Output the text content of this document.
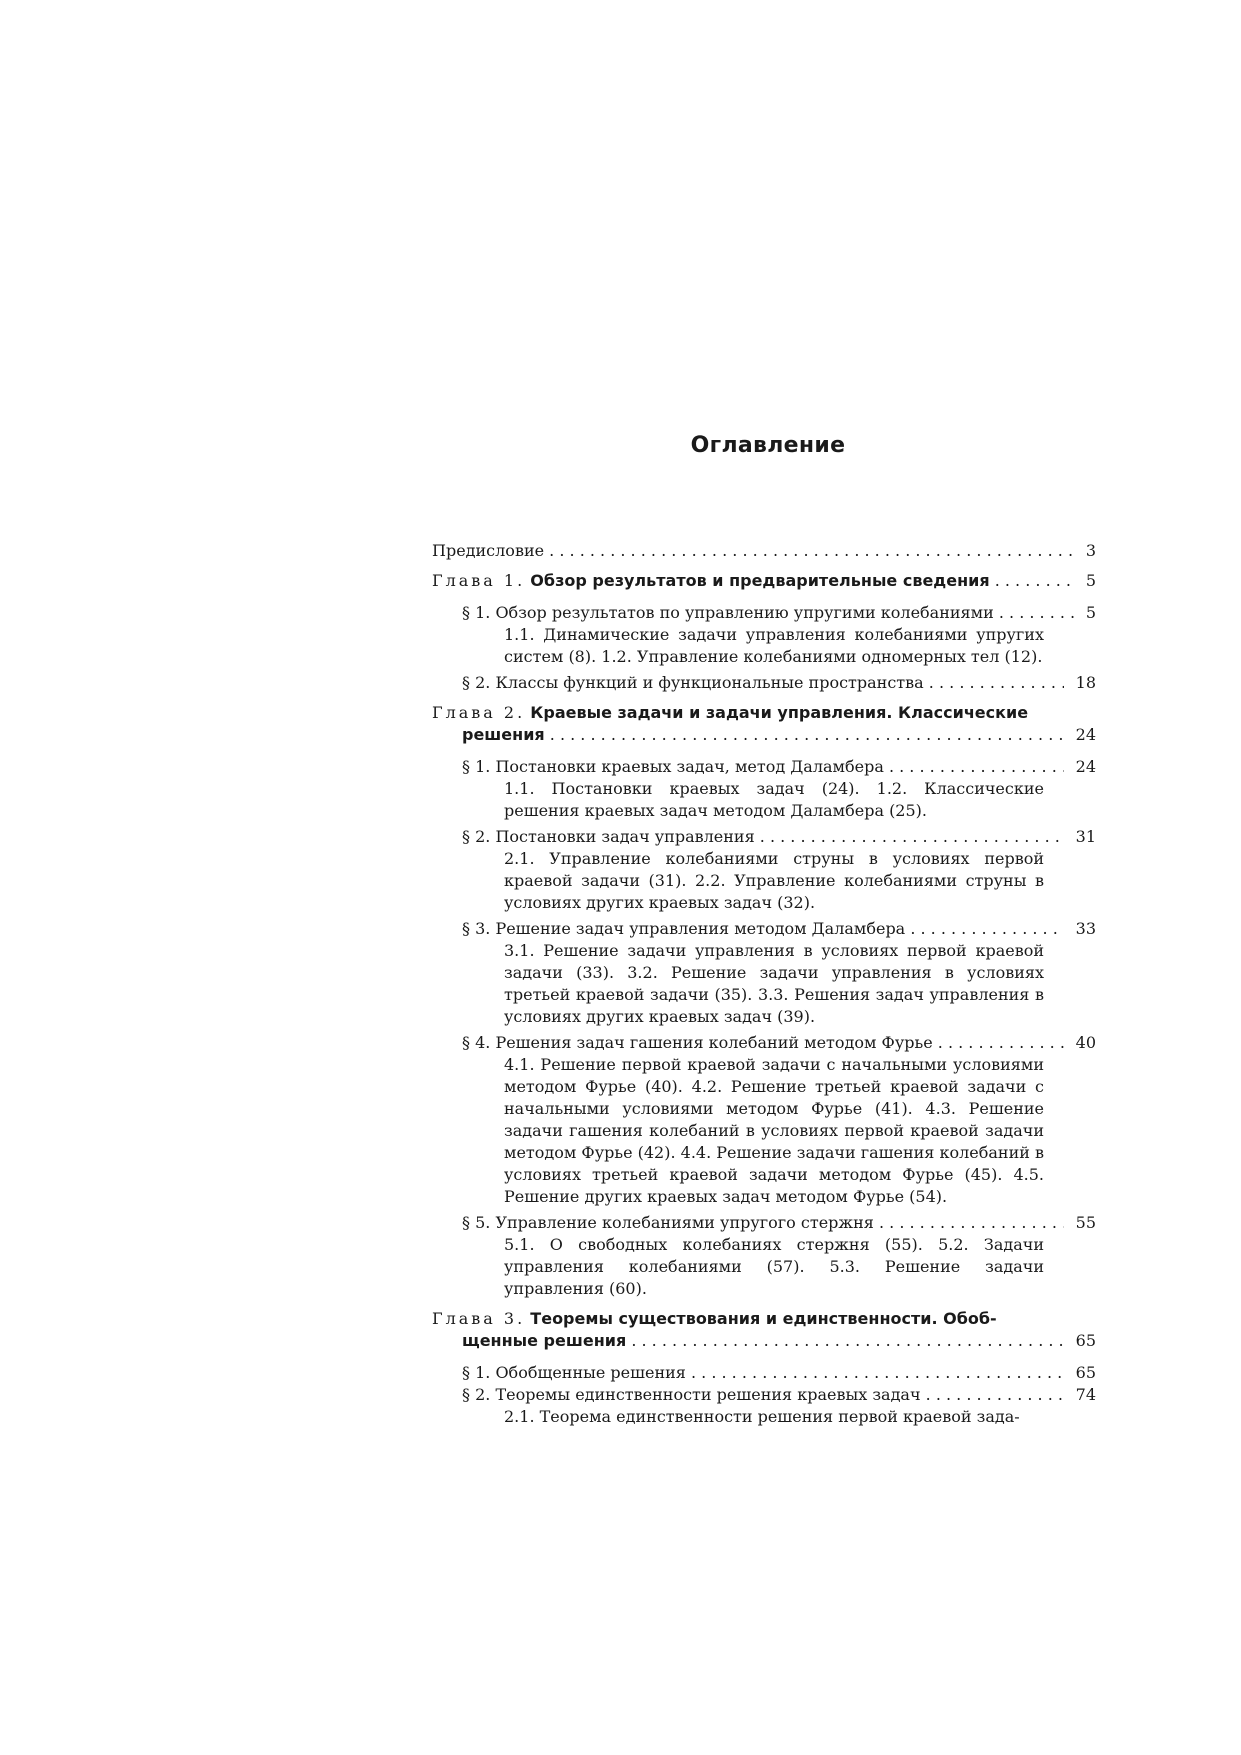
Оглавление
Предисловие	3
. . .
Глава 1. Обзор результатов и предварительные сведения	5
. . .
§ 1. Обзор результатов по управлению упругими колебаниями	5
. . .
1.1. Динамические задачи управления колебаниями упругих систем (8). 1.2. Управление колебаниями одномерных тел (12).
§ 2. Классы функций и функциональные пространства	18
. . .
Глава 2. Краевые задачи и задачи управления. Классические
решения	24
. . .
§ 1. Постановки краевых задач, метод Даламбера	24
. . .
1.1. Постановки краевых задач (24). 1.2. Классические решения краевых задач методом Даламбера (25).
§ 2. Постановки задач управления	31
. . .
2.1. Управление колебаниями струны в условиях первой краевой задачи (31). 2.2. Управление колебаниями струны в условиях других краевых задач (32).
§ 3. Решение задач управления методом Даламбера	33
. . .
3.1. Решение задачи управления в условиях первой краевой задачи (33). 3.2. Решение задачи управления в условиях третьей краевой задачи (35). 3.3. Решения задач управления в условиях других краевых задач (39).
§ 4. Решения задач гашения колебаний методом Фурье	40
. . .
4.1. Решение первой краевой задачи с начальными условиями методом Фурье (40). 4.2. Решение третьей краевой задачи с начальными условиями методом Фурье (41). 4.3. Решение задачи гашения колебаний в условиях первой краевой задачи методом Фурье (42). 4.4. Решение задачи гашения колебаний в условиях третьей краевой задачи методом Фурье (45). 4.5. Решение других краевых задач методом Фурье (54).
§ 5. Управление колебаниями упругого стержня	55
. . .
5.1. О свободных колебаниях стержня (55). 5.2. Задачи управления колебаниями (57). 5.3. Решение задачи управления (60).
Глава 3. Теоремы существования и единственности. Обоб-
щенные решения	65
. . .
§ 1. Обобщенные решения	65
. . .
§ 2. Теоремы единственности решения краевых задач	74
. . .
2.1. Теорема единственности решения первой краевой зада-
